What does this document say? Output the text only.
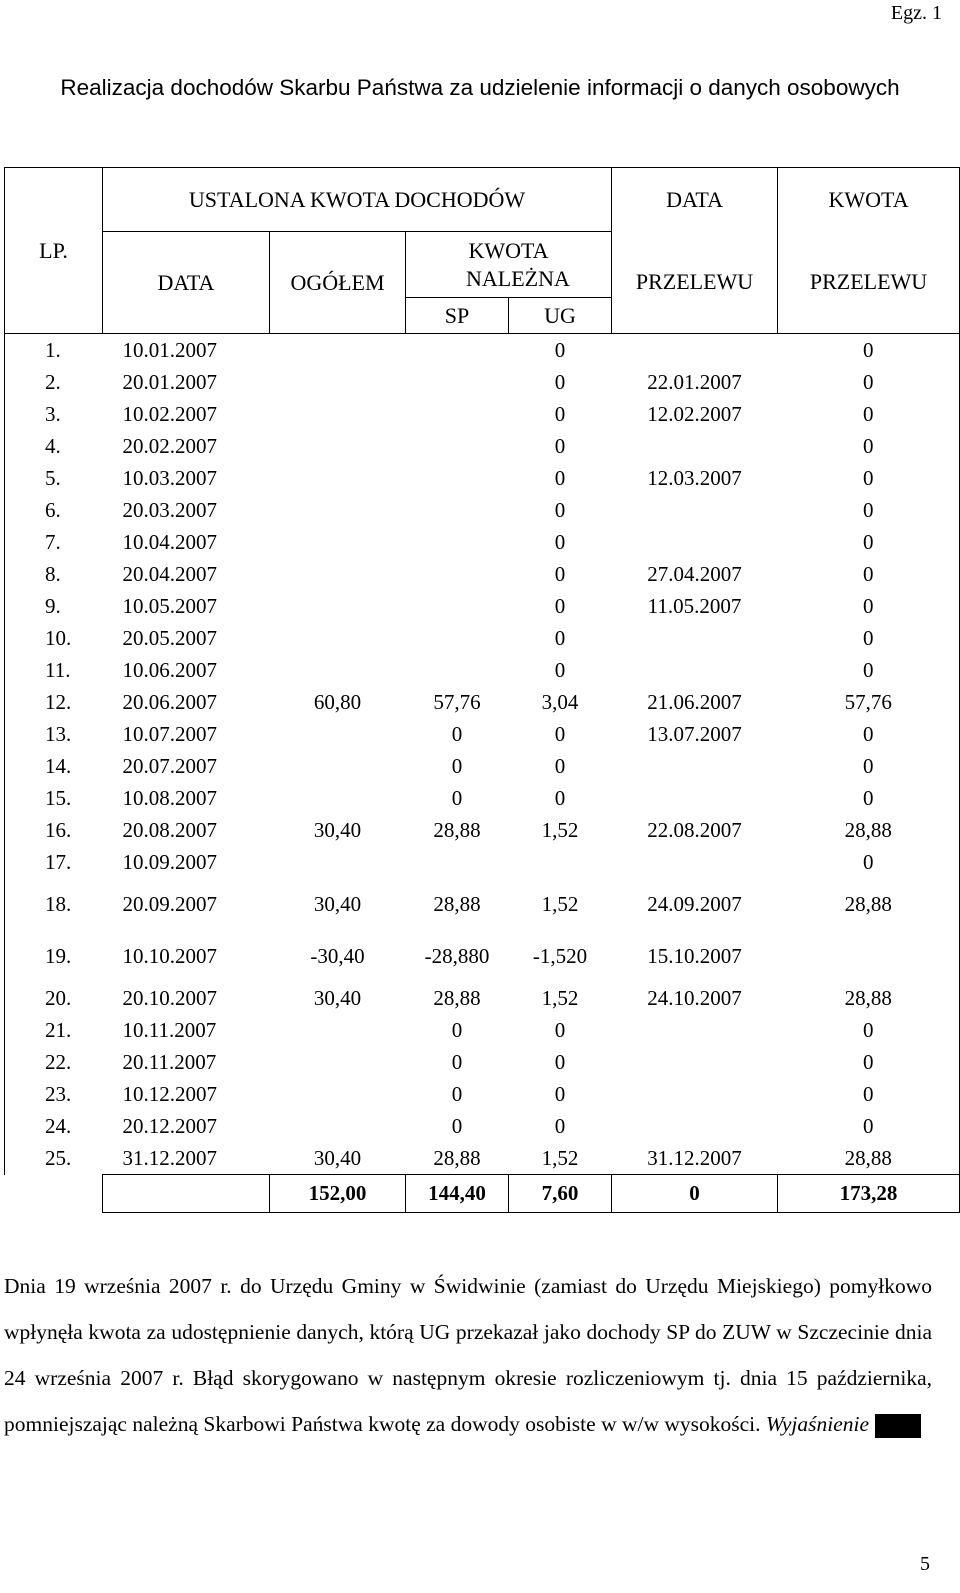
Egz. 1
Realizacja dochodów Skarbu Państwa za udzielenie informacji o danych osobowych
LP.	USTALONA KWOTA DOCHODÓW				DATA	KWOTA
	DATA	OGÓŁEM	KWOTA NALEŻNA		PRZELEWU	PRZELEWU
			SP	UG		
1.	10.01.2007			0		0
2.	20.01.2007			0	22.01.2007	0
3.	10.02.2007			0	12.02.2007	0
4.	20.02.2007			0		0
5.	10.03.2007			0	12.03.2007	0
6.	20.03.2007			0		0
7.	10.04.2007			0		0
8.	20.04.2007			0	27.04.2007	0
9.	10.05.2007			0	11.05.2007	0
10.	20.05.2007			0		0
11.	10.06.2007			0		0
12.	20.06.2007	60,80	57,76	3,04	21.06.2007	57,76
13.	10.07.2007		0	0	13.07.2007	0
14.	20.07.2007		0	0		0
15.	10.08.2007		0	0		0
16.	20.08.2007	30,40	28,88	1,52	22.08.2007	28,88
17.	10.09.2007					0
18.	20.09.2007	30,40	28,88	1,52	24.09.2007	28,88
19.	10.10.2007	-30,40	-28,880	-1,520	15.10.2007	
20.	20.10.2007	30,40	28,88	1,52	24.10.2007	28,88
21.	10.11.2007		0	0		0
22.	20.11.2007		0	0		0
23.	10.12.2007		0	0		0
24.	20.12.2007		0	0		0
25.	31.12.2007	30,40	28,88	1,52	31.12.2007	28,88
		152,00	144,40	7,60	0	173,28
Dnia 19 września 2007 r. do Urzędu Gminy w Świdwinie (zamiast do Urzędu Miejskiego) pomyłkowo wpłynęła kwota za udostępnienie danych, którą UG przekazał jako dochody SP do ZUW w Szczecinie dnia 24 września 2007 r. Błąd skorygowano w następnym okresie rozliczeniowym tj. dnia 15 października, pomniejszając należną Skarbowi Państwa kwotę za dowody osobiste w w/w wysokości. Wyjaśnienie
5
